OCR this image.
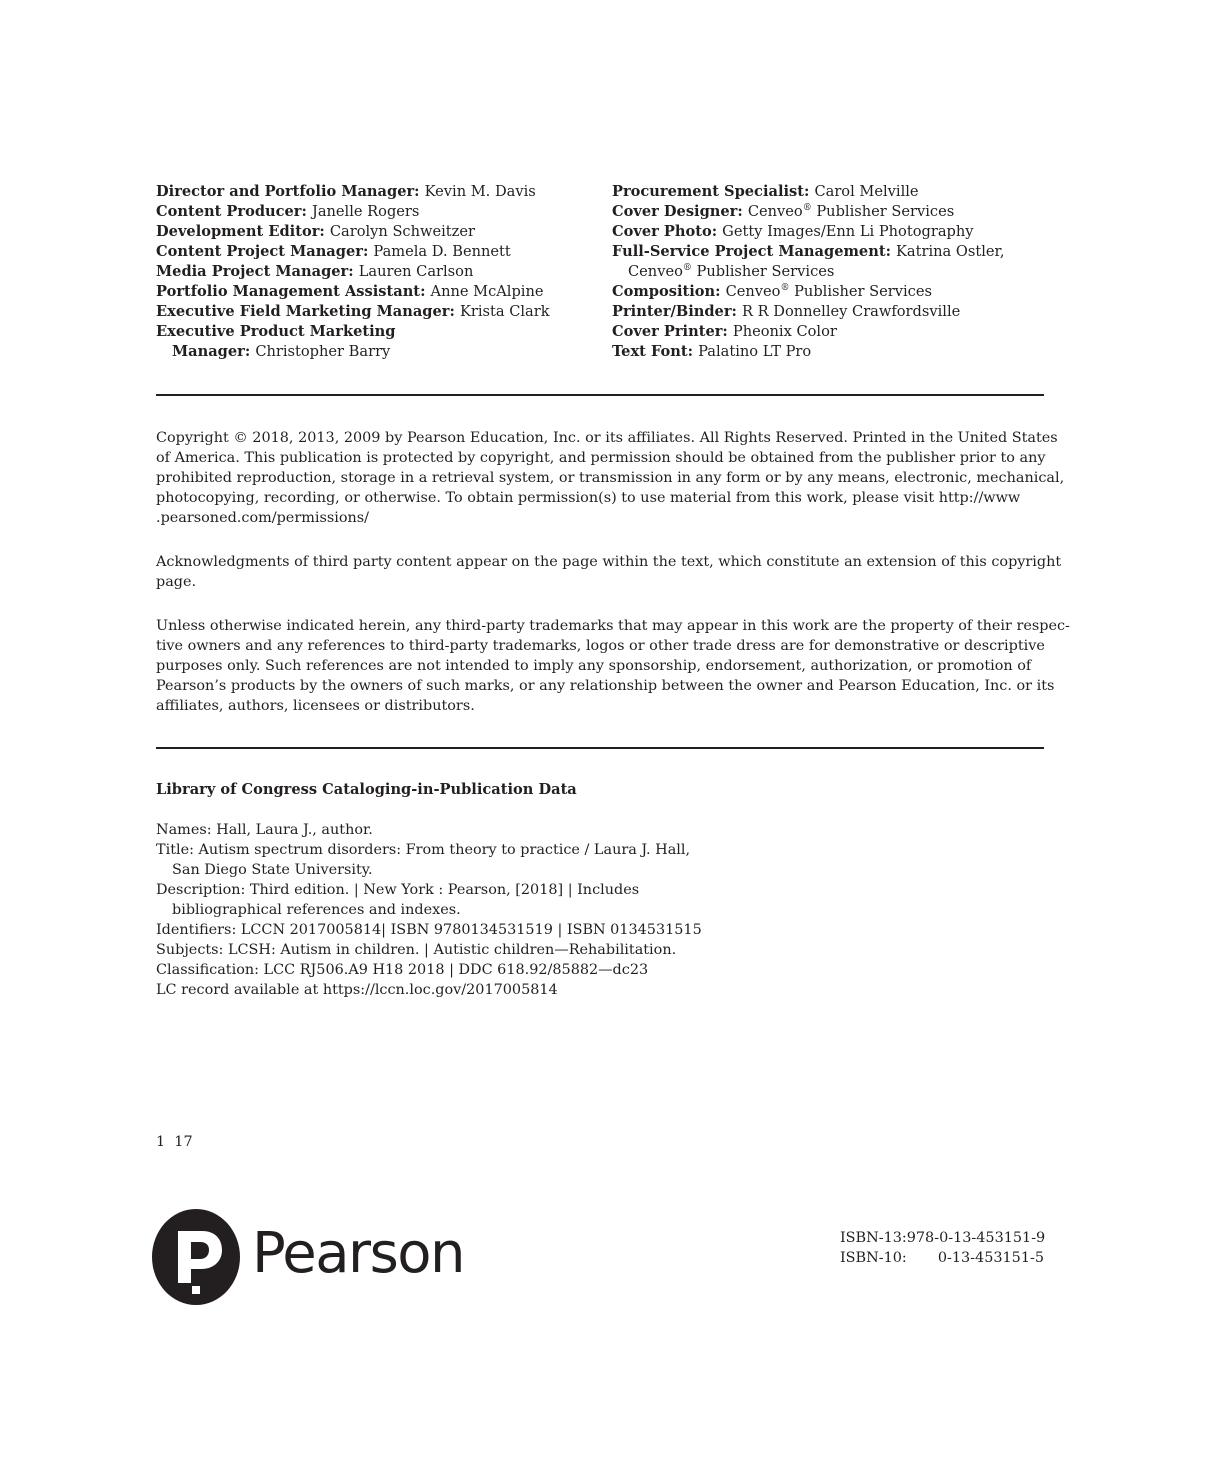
Director and Portfolio Manager : Kevin M. Davis

Content Producer : Janelle Rogers

Development Editor : Carolyn Schweitzer

Content Project Manager : Pamela D. Bennett

Media Project Manager : Lauren Carlson

Portfolio Management Assistant : Anne McAlpine

Executive Field Marketing Manager : Krista Clark

Executive Product Marketing

Manager : Christopher Barry

Procurement Specialist : Carol Melville

Cover Designer : Cenveo® Publisher Services

Cover Photo : Getty Images/Enn Li Photography

Full-Service Project Management : Katrina Ostler,

Cenveo® Publisher Services

Composition : Cenveo® Publisher Services

Printer/Binder : R R Donnelley Crawfordsville

Cover Printer : Pheonix Color

Text Font : Palatino LT Pro

Copyright © 2018, 2013, 2009 by Pearson Education, Inc. or its affiliates. All Rights Reserved. Printed in the United States
of America. This publication is protected by copyright, and permission should be obtained from the publisher prior to any
prohibited reproduction, storage in a retrieval system, or transmission in any form or by any means, electronic, mechanical,
photocopying, recording, or otherwise. To obtain permission(s) to use material from this work, please visit http://www
.pearsoned.com/permissions/

Acknowledgments of third party content appear on the page within the text, which constitute an extension of this copyright
page.

Unless otherwise indicated herein, any third-party trademarks that may appear in this work are the property of their respec-
tive owners and any references to third-party trademarks, logos or other trade dress are for demonstrative or descriptive
purposes only. Such references are not intended to imply any sponsorship, endorsement, authorization, or promotion of
Pearson’s products by the owners of such marks, or any relationship between the owner and Pearson Education, Inc. or its
affiliates, authors, licensees or distributors.

Library of Congress Cataloging-in-Publication Data

Names: Hall, Laura J., author.
Title: Autism spectrum disorders: From theory to practice / Laura J. Hall,
San Diego State University.
Description: Third edition. | New York : Pearson, [2018] | Includes
bibliographical references and indexes.
Identifiers: LCCN 2017005814| ISBN 9780134531519 | ISBN 0134531515
Subjects: LCSH: Autism in children. | Autistic children—Rehabilitation.
Classification: LCC RJ506.A9 H18 2018 | DDC 618.92/85882—dc23
LC record available at https://lccn.loc.gov/2017005814
1  17
Pearson	ISBN-13: 978-0-13-453151-9
ISBN-10: 0-13-453151-5
